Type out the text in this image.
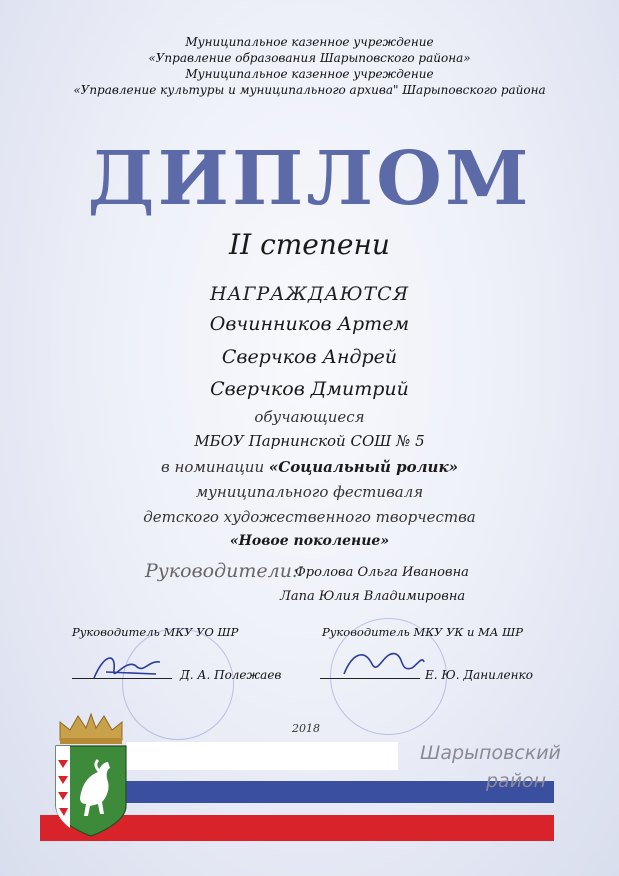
Муниципальное казенное учреждение
«Управление образования Шарыповского района»
Муниципальное казенное учреждение
«Управление культуры и муниципального архива" Шарыповского района
ДИПЛОМ
II степени
НАГРАЖДАЮТСЯ
Овчинников Артем
Сверчков Андрей
Сверчков Дмитрий
обучающиеся
МБОУ Парнинской СОШ № 5
в номинации «Социальный ролик»
муниципального фестиваля
детского художественного творчества
«Новое поколение»
Руководители:
Фролова Ольга Ивановна
Лапа Юлия Владимировна
Руководитель МКУ УО ШР	Руководитель МКУ УК и МА ШР
Д. А. Полежаев	Е. Ю. Даниленко
2018
Шарыповский
район
